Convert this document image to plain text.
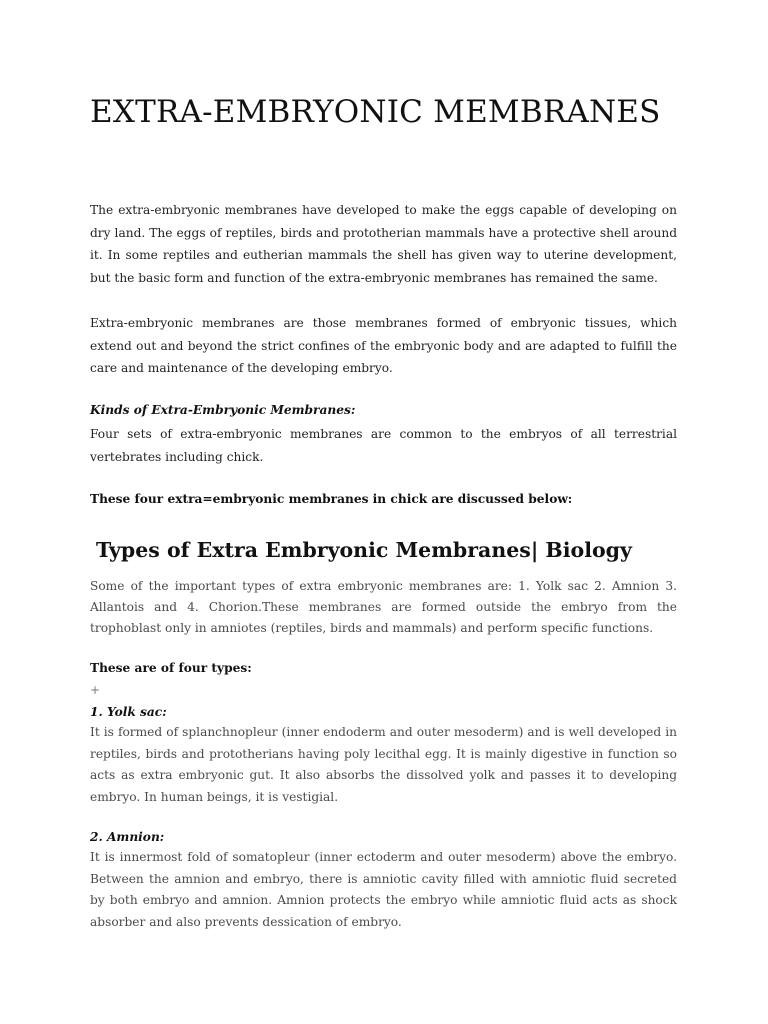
EXTRA-EMBRYONIC MEMBRANES

The extra-embryonic membranes have developed to make the eggs capable of developing on dry land. The eggs of reptiles, birds and prototherian mammals have a protective shell around it. In some reptiles and eutherian mammals the shell has given way to uterine development, but the basic form and function of the extra-embryonic membranes has remained the same.

Extra-embryonic membranes are those membranes formed of embryonic tissues, which extend out and beyond the strict confines of the embryonic body and are adapted to fulfill the care and maintenance of the developing embryo.

Kinds of Extra-Embryonic Membranes:

Four sets of extra-embryonic membranes are common to the embryos of all terrestrial vertebrates including chick.

These four extra=embryonic membranes in chick are discussed below:

Types of Extra Embryonic Membranes| Biology

Some of the important types of extra embryonic membranes are: 1. Yolk sac 2. Amnion 3. Allantois and 4. Chorion.These membranes are formed outside the embryo from the trophoblast only in amniotes (reptiles, birds and mammals) and perform specific functions.

These are of four types:

+

1. Yolk sac:

It is formed of splanchnopleur (inner endoderm and outer mesoderm) and is well developed in reptiles, birds and prototherians having poly lecithal egg. It is mainly digestive in function so acts as extra embryonic gut. It also absorbs the dissolved yolk and passes it to developing embryo. In human beings, it is vestigial.

2. Amnion:

It is innermost fold of somatopleur (inner ectoderm and outer mesoderm) above the embryo. Between the amnion and embryo, there is amniotic cavity filled with amniotic fluid secreted by both embryo and amnion. Amnion protects the embryo while amniotic fluid acts as shock absorber and also prevents dessication of embryo.
